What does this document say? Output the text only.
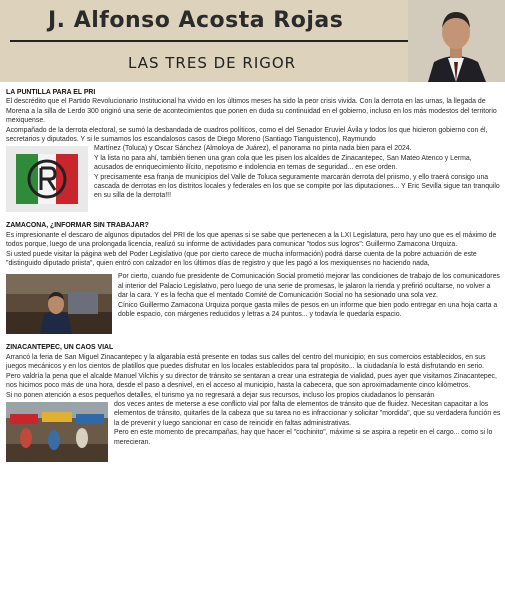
J. Alfonso Acosta Rojas
LAS TRES DE RIGOR

LA PUNTILLA PARA EL PRI

El descrédito que el Partido Revolucionario Institucional ha vivido en los últimos meses ha sido la peor crisis vivida. Con la derrota en las urnas, la llegada de Morena a la silla de Lerdo 300 originó una serie de acontecimientos que ponen en duda su continuidad en el gobierno, incluso en los más modestos del territorio mexiquense.

Acompañado de la derrota electoral, se sumó la desbandada de cuadros políticos, como el del Senador Eruviel Ávila y todos los que hicieron gobierno con él, secretarios y diputados. Y si le sumamos los escandalosos casos de Diego Moreno (Santiago Tianguistenco), Raymundo

Martínez (Toluca) y Oscar Sánchez (Almoloya de Juárez), el panorama no pinta nada bien para el 2024.

Y la lista no para ahí, también tienen una gran cola que les pisen los alcaldes de Zinacantepec, San Mateo Atenco y Lerma, acusados de enriquecimiento ilícito, nepotismo e indolencia en temas de seguridad... en ese orden.

Y precisamente esa franja de municipios del Valle de Toluca seguramente marcarán derrota del priismo, y ello traerá consigo una cascada de derrotas en los distritos locales y federales en los que se compite por las diputaciones... Y Eric Sevilla sigue tan tranquilo en su silla de la derrota!!!

ZAMACONA, ¿INFORMAR SIN TRABAJAR?

Es impresionante el descaro de algunos diputados del PRI de los que apenas si se sabe que pertenecen a la LXI Legislatura, pero hay uno que es el máximo de todos porque, luego de una prolongada licencia, realizó su informe de actividades para comunicar "todos sus logros": Guillermo Zamacona Urquiza.

Si usted puede visitar la página web del Poder Legislativo (que por cierto carece de mucha información) podrá darse cuenta de la pobre actuación de este "distinguido diputado priista", quien entró con calzador en los últimos días de registro y que les pagó a los mexiquenses no haciendo nada,

Por cierto, cuando fue presidente de Comunicación Social prometió mejorar las condiciones de trabajo de los comunicadores al interior del Palacio Legislativo, pero luego de una serie de promesas, le jalaron la rienda y prefirió ocultarse, no volver a dar la cara. Y es la fecha que el mentado Comité de Comunicación Social no ha sesionado una sola vez.

Cínico Guillermo Zamacona Urquiza porque gasta miles de pesos en un informe que bien podo entregar en una hoja carta a doble espacio, con márgenes reducidos y letras a 24 puntos... y todavía le quedaría espacio.

ZINACANTEPEC, UN CAOS VIAL

Arrancó la feria de San Miguel Zinacantepec y la algarabía está presente en todas sus calles del centro del municipio; en sus comercios establecidos, en sus juegos mecánicos y en los cientos de platillos que puedes disfrutar en los locales establecidos para tal propósito... la ciudadanía lo está disfrutando en serio.

Pero valdría la pena que el alcalde Manuel Vilchis y su director de tránsito se sentaran a crear una estrategia de vialidad, pues ayer que visitamos Zinacantepec, nos hicimos poco más de una hora, desde el paso a desnivel, en el acceso al municipio, hasta la cabecera, que son aproximadamente cinco kilómetros.

Si no ponen atención a esos pequeños detalles, el turismo ya no regresará a dejar sus recursos, incluso los propios ciudadanos lo pensarán

dos veces antes de meterse a ese conflicto vial por falta de elementos de tránsito que de fluidez. Necesitan capacitar a los elementos de tránsito, quitarles de la cabeza que su tarea no es infraccionar y solicitar "mordida", que su verdadera función es la de prevenir y luego sancionar en caso de reincidir en faltas administrativas.

Pero en este momento de precampañas, hay que hacer el "cochinito", máxime si se aspira a repetir en el cargo... como si lo merecieran.
